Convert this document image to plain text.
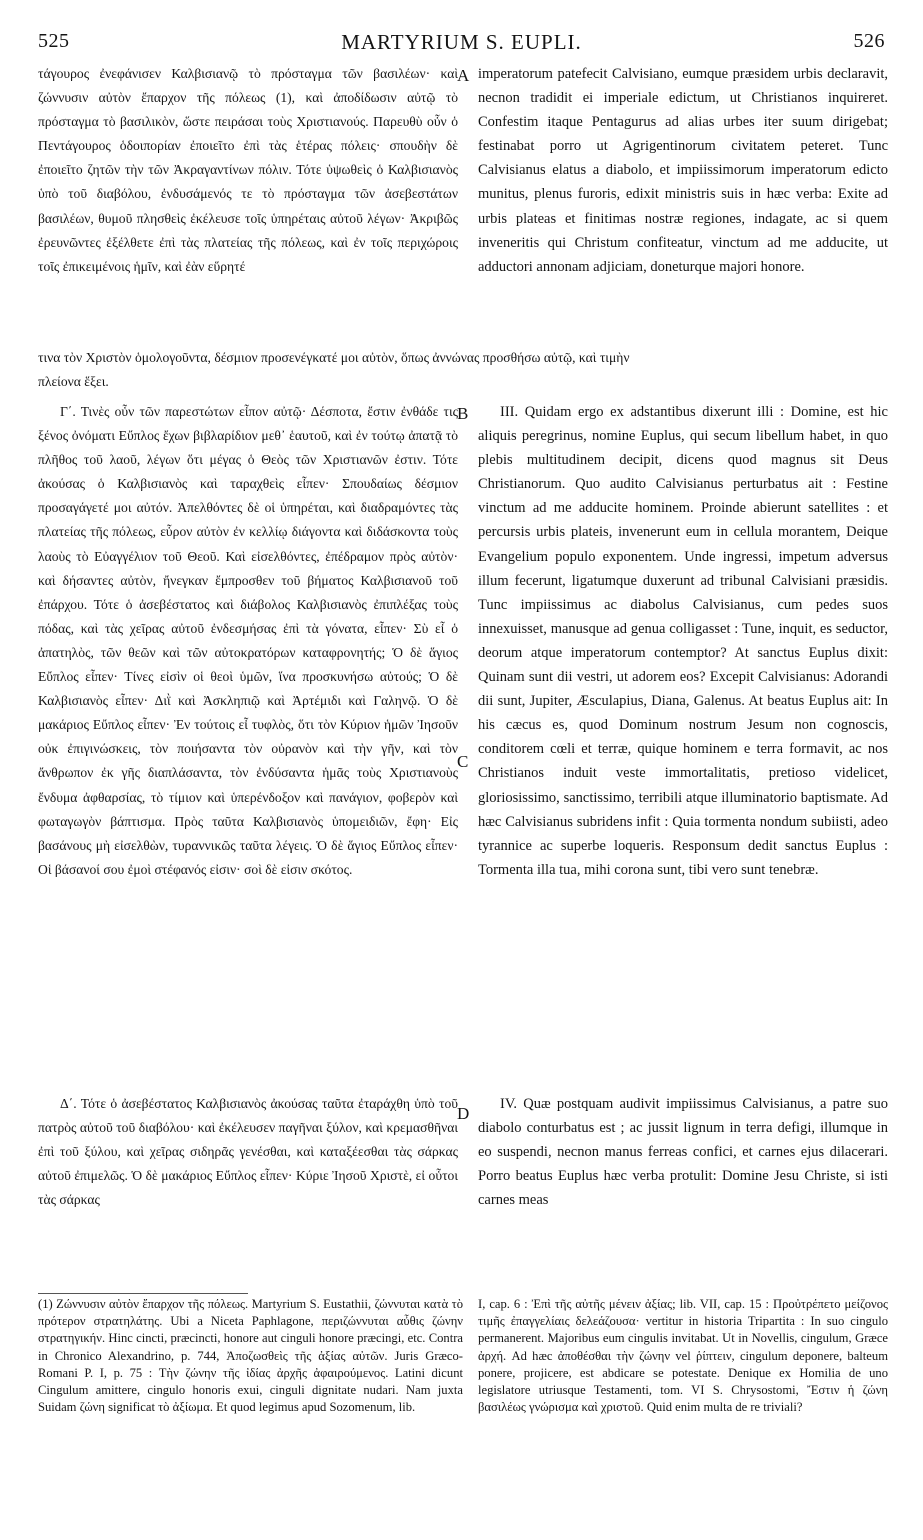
525	MARTYRIUM S. EUPLI.	526
τάγουρος ἐνεφάνισεν Καλβισιανῷ τὸ πρόσταγμα τῶν βασιλέων· καὶ ζώννυσιν αὐτὸν ἔπαρχον τῆς πόλεως (1), καὶ ἀποδίδωσιν αὐτῷ τὸ πρόσταγμα τὸ βασιλικὸν, ὥστε πειράσαι τοὺς Χριστιανούς. Παρευθὺ οὖν ὁ Πεντάγουρος ὁδοιπορίαν ἐποιεῖτο ἐπὶ τὰς ἑτέρας πόλεις· σπουδὴν δὲ ἐποιεῖτο ζητῶν τὴν τῶν Ἀκραγαντίνων πόλιν. Τότε ὑψωθεὶς ὁ Καλβισιανὸς ὑπὸ τοῦ διαβόλου, ἐνδυσάμενός τε τὸ πρόσταγμα τῶν ἀσεβεστάτων βασιλέων, θυμοῦ πλησθεὶς ἐκέλευσε τοῖς ὑπηρέταις αὐτοῦ λέγων· Ἀκριβῶς ἐρευνῶντες ἐξέλθετε ἐπὶ τὰς πλατείας τῆς πόλεως, καὶ ἐν τοῖς περιχώροις τοῖς ἐπικειμένοις ἡμῖν, καὶ ἐὰν εὕρητέ
imperatorum patefecit Calvisiano, eumque præsidem urbis declaravit, necnon tradidit ei imperiale edictum, ut Christianos inquireret. Confestim itaque Pentagurus ad alias urbes iter suum dirigebat; festinabat porro ut Agrigentinorum civitatem peteret. Tunc Calvisianus elatus a diabolo, et impiissimorum imperatorum edicto munitus, plenus furoris, edixit ministris suis in hæc verba: Exite ad urbis plateas et finitimas nostræ regiones, indagate, ac si quem inveneritis qui Christum confiteatur, vinctum ad me adducite, ut adductori annonam adjiciam, doneturque majori honore.
τινα τὸν Χριστὸν ὁμολογοῦντα, δέσμιον προσενέγκατέ μοι αὐτὸν, ὅπως ἀννώνας προσθήσω αὐτῷ, καὶ τιμὴν
πλείονα ἕξει.
Γ΄. Τινὲς οὖν τῶν παρεστώτων εἶπον αὐτῷ· Δέσποτα, ἔστιν ἐνθάδε τις ξένος ὀνόματι Εὔπλος ἔχων βιβλαρίδιον μεθ᾽ ἑαυτοῦ, καὶ ἐν τούτῳ ἀπατᾷ τὸ πλῆθος τοῦ λαοῦ, λέγων ὅτι μέγας ὁ Θεὸς τῶν Χριστιανῶν ἐστιν. Τότε ἀκούσας ὁ Καλβισιανὸς καὶ ταραχθεὶς εἶπεν· Σπουδαίως δέσμιον προσαγάγετέ μοι αὐτόν. Ἀπελθόντες δὲ οἱ ὑπηρέται, καὶ διαδραμόντες τὰς πλατείας τῆς πόλεως, εὗρον αὐτὸν ἐν κελλίῳ διάγοντα καὶ διδάσκοντα τοὺς λαοὺς τὸ Εὐαγγέλιον τοῦ Θεοῦ. Καὶ εἰσελθόντες, ἐπέδραμον πρὸς αὐτὸν· καὶ δήσαντες αὐτὸν, ἤνεγκαν ἔμπροσθεν τοῦ βήματος Καλβισιανοῦ τοῦ ἐπάρχου. Τότε ὁ ἀσεβέστατος καὶ διάβολος Καλβισιανὸς ἐπιπλέξας τοὺς πόδας, καὶ τὰς χεῖρας αὐτοῦ ἐνδεσμήσας ἐπὶ τὰ γόνατα, εἶπεν· Σὺ εἶ ὁ ἀπατηλὸς, τῶν θεῶν καὶ τῶν αὐτοκρατόρων καταφρονητής; Ὁ δὲ ἅγιος Εὔπλος εἶπεν· Τίνες εἰσὶν οἱ θεοὶ ὑμῶν, ἵνα προσκυνήσω αὐτούς; Ὁ δὲ Καλβισιανὸς εἶπεν· Διῒ καὶ Ἀσκληπιῷ καὶ Ἀρτέμιδι καὶ Γαληνῷ. Ὁ δὲ μακάριος Εὔπλος εἶπεν· Ἐν τούτοις εἶ τυφλὸς, ὅτι τὸν Κύριον ἡμῶν Ἰησοῦν οὐκ ἐπιγινώσκεις, τὸν ποιήσαντα τὸν οὐρανὸν καὶ τὴν γῆν, καὶ τὸν ἄνθρωπον ἐκ γῆς διαπλάσαντα, τὸν ἐνδύσαντα ἡμᾶς τοὺς Χριστιανοὺς ἔνδυμα ἀφθαρσίας, τὸ τίμιον καὶ ὑπερένδοξον καὶ πανάγιον, φοβερὸν καὶ φωταγωγὸν βάπτισμα. Πρὸς ταῦτα Καλβισιανὸς ὑπομειδιῶν, ἔφη· Εἰς βασάνους μὴ εἰσελθὼν, τυραννικῶς ταῦτα λέγεις. Ὁ δὲ ἅγιος Εὔπλος εἶπεν· Οἱ βάσανοί σου ἐμοὶ στέφανός εἰσιν· σοὶ δὲ εἰσιν σκότος.
III. Quidam ergo ex adstantibus dixerunt illi : Domine, est hic aliquis peregrinus, nomine Euplus, qui secum libellum habet, in quo plebis multitudinem decipit, dicens quod magnus sit Deus Christianorum. Quo audito Calvisianus perturbatus ait : Festine vinctum ad me adducite hominem. Proinde abierunt satellites : et percursis urbis plateis, invenerunt eum in cellula morantem, Deique Evangelium populo exponentem. Unde ingressi, impetum adversus illum fecerunt, ligatumque duxerunt ad tribunal Calvisiani præsidis. Tunc impiissimus ac diabolus Calvisianus, cum pedes suos innexuisset, manusque ad genua colligasset : Tune, inquit, es seductor, deorum atque imperatorum contemptor? At sanctus Euplus dixit: Quinam sunt dii vestri, ut adorem eos? Excepit Calvisianus: Adorandi dii sunt, Jupiter, Æsculapius, Diana, Galenus. At beatus Euplus ait: In his cæcus es, quod Dominum nostrum Jesum non cognoscis, conditorem cœli et terræ, quique hominem e terra formavit, ac nos Christianos induit veste immortalitatis, pretioso videlicet, gloriosissimo, sanctissimo, terribili atque illuminatorio baptismate. Ad hæc Calvisianus subridens infit : Quia tormenta nondum subiisti, adeo tyrannice ac superbe loqueris. Responsum dedit sanctus Euplus : Tormenta illa tua, mihi corona sunt, tibi vero sunt tenebræ.
Δ΄. Τότε ὁ ἀσεβέστατος Καλβισιανὸς ἀκούσας ταῦτα ἐταράχθη ὑπὸ τοῦ πατρὸς αὐτοῦ τοῦ διαβόλου· καὶ ἐκέλευσεν παγῆναι ξύλον, καὶ κρεμασθῆναι ἐπὶ τοῦ ξύλου, καὶ χεῖρας σιδηρᾶς γενέσθαι, καὶ καταξέεσθαι τὰς σάρκας αὐτοῦ ἐπιμελῶς. Ὁ δὲ μακάριος Εὔπλος εἶπεν· Κύριε Ἰησοῦ Χριστὲ, εἰ οὗτοι τὰς σάρκας
IV. Quæ postquam audivit impiissimus Calvisianus, a patre suo diabolo conturbatus est ; ac jussit lignum in terra defigi, illumque in eo suspendi, necnon manus ferreas confici, et carnes ejus dilacerari. Porro beatus Euplus hæc verba protulit: Domine Jesu Christe, si isti carnes meas
A
B
C
D
(1) Ζώννυσιν αὐτὸν ἔπαρχον τῆς πόλεως. Martyrium S. Eustathii, ζώννυται κατὰ τὸ πρότερον στρατηλάτης. Ubi a Niceta Paphlagone, περιζώννυται αὖθις ζώνην στρατηγικήν. Hinc cincti, præcincti, honore aut cinguli honore præcingi, etc. Contra in Chronico Alexandrino, p. 744, Ἀποζωσθεὶς τῆς ἀξίας αὐτῶν. Juris Græco-Romani P. I, p. 75 : Τὴν ζώνην τῆς ἰδίας ἀρχῆς ἀφαιρούμενος. Latini dicunt Cingulum amittere, cingulo honoris exui, cinguli dignitate nudari. Nam juxta Suidam ζώνη significat τὸ ἀξίωμα. Et quod legimus apud Sozomenum, lib.
I, cap. 6 : Ἐπὶ τῆς αὐτῆς μένειν ἀξίας; lib. VII, cap. 15 : Προὐτρέπετο μείζονος τιμῆς ἐπαγγελίαις δελεάζουσα· vertitur in historia Tripartita : In suo cingulo permanerent. Majoribus eum cingulis invitabat. Ut in Novellis, cingulum, Græce ἀρχή. Ad hæc ἀποθέσθαι τὴν ζώνην vel ῥίπτειν, cingulum deponere, balteum ponere, projicere, est abdicare se potestate. Denique ex Homilia de uno legislatore utriusque Testamenti, tom. VI S. Chrysostomi, Ἔστιν ἡ ζώνη βασιλέως γνώρισμα καὶ χριστοῦ. Quid enim multa de re triviali?
